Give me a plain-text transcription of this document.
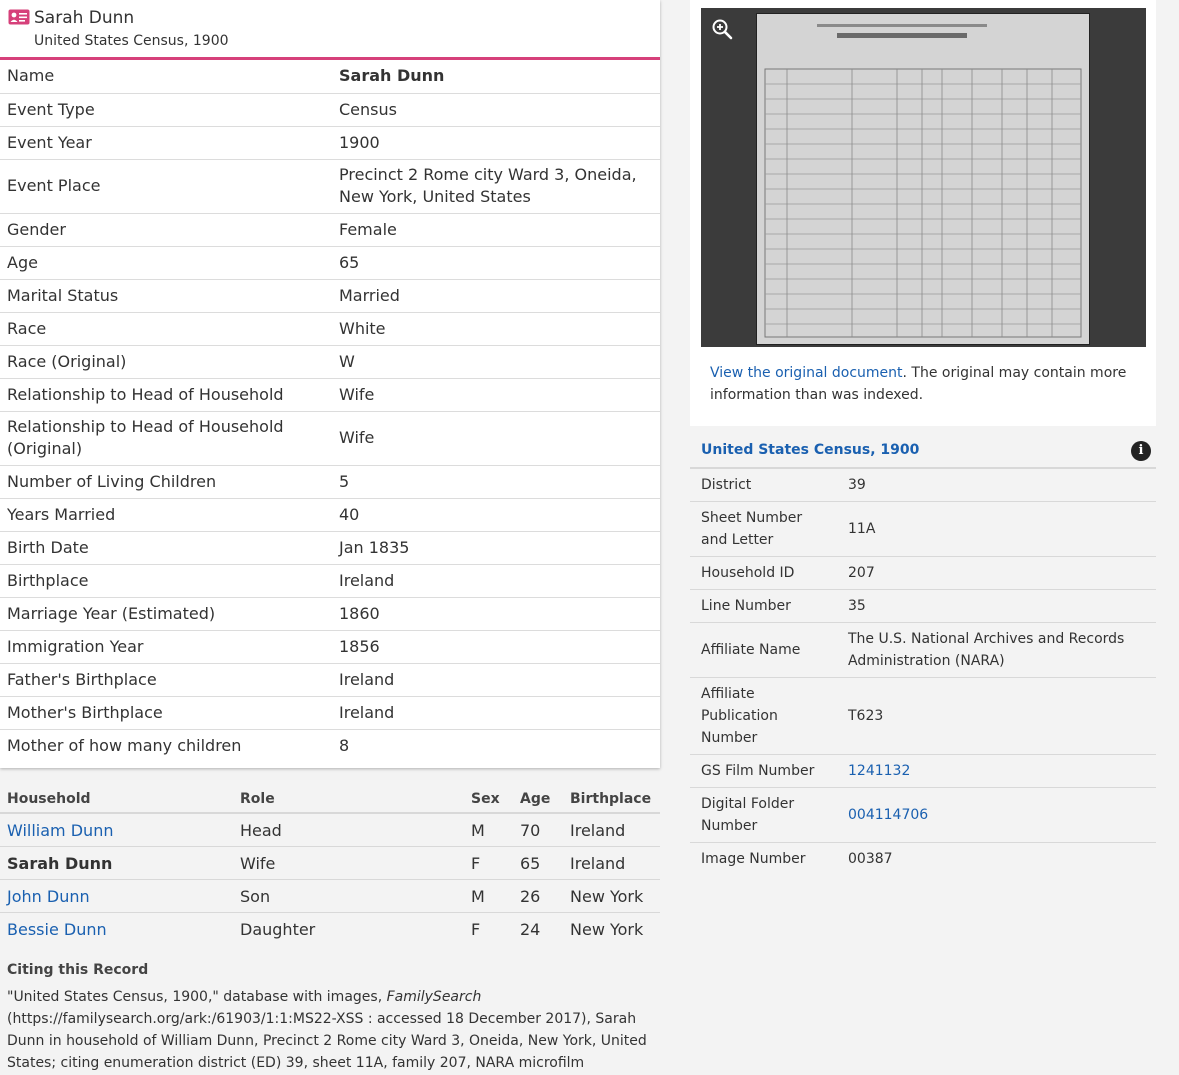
Sarah Dunn
United States Census, 1900
Name	Sarah Dunn
Event Type	Census
Event Year	1900
Event Place	Precinct 2 Rome city Ward 3, Oneida, New York, United States
Gender	Female
Age	65
Marital Status	Married
Race	White
Race (Original)	W
Relationship to Head of Household	Wife
Relationship to Head of Household (Original)	Wife
Number of Living Children	5
Years Married	40
Birth Date	Jan 1835
Birthplace	Ireland
Marriage Year (Estimated)	1860
Immigration Year	1856
Father's Birthplace	Ireland
Mother's Birthplace	Ireland
Mother of how many children	8
Household	Role	Sex	Age	Birthplace
William Dunn	Head	M	70	Ireland
Sarah Dunn	Wife	F	65	Ireland
John Dunn	Son	M	26	New York
Bessie Dunn	Daughter	F	24	New York
Citing this Record
"United States Census, 1900," database with images, FamilySearch (https://familysearch.org/ark:/61903/1:1:MS22-XSS : accessed 18 December 2017), Sarah Dunn in household of William Dunn, Precinct 2 Rome city Ward 3, Oneida, New York, United States; citing enumeration district (ED) 39, sheet 11A, family 207, NARA microfilm
View the original document. The original may contain more information than was indexed.
United States Census, 1900	i
District	39
Sheet Number and Letter	11A
Household ID	207
Line Number	35
Affiliate Name	The U.S. National Archives and Records Administration (NARA)
Affiliate Publication Number	T623
GS Film Number	1241132
Digital Folder Number	004114706
Image Number	00387
